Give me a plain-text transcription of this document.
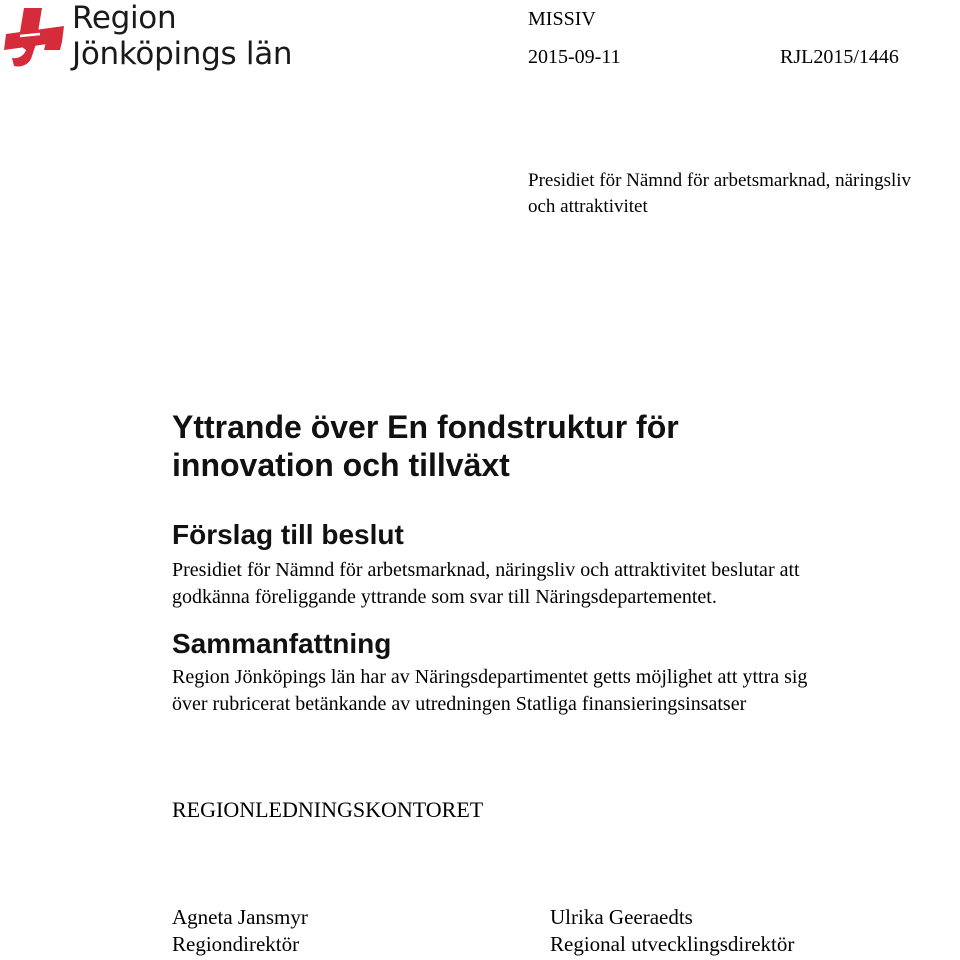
Region
Jönköpings län
MISSIV
2015-09-11	RJL2015/1446
Presidiet för Nämnd för arbetsmarknad, näringsliv
och attraktivitet
Yttrande över En fondstruktur för
innovation och tillväxt
Förslag till beslut
Presidiet för Nämnd för arbetsmarknad, näringsliv och attraktivitet beslutar att
godkänna föreliggande yttrande som svar till Näringsdepartementet.
Sammanfattning
Region Jönköpings län har av Näringsdepartimentet getts möjlighet att yttra sig
över rubricerat betänkande av utredningen Statliga finansieringsinsatser
REGIONLEDNINGSKONTORET
Agneta Jansmyr
Regiondirektör
Ulrika Geeraedts
Regional utvecklingsdirektör
